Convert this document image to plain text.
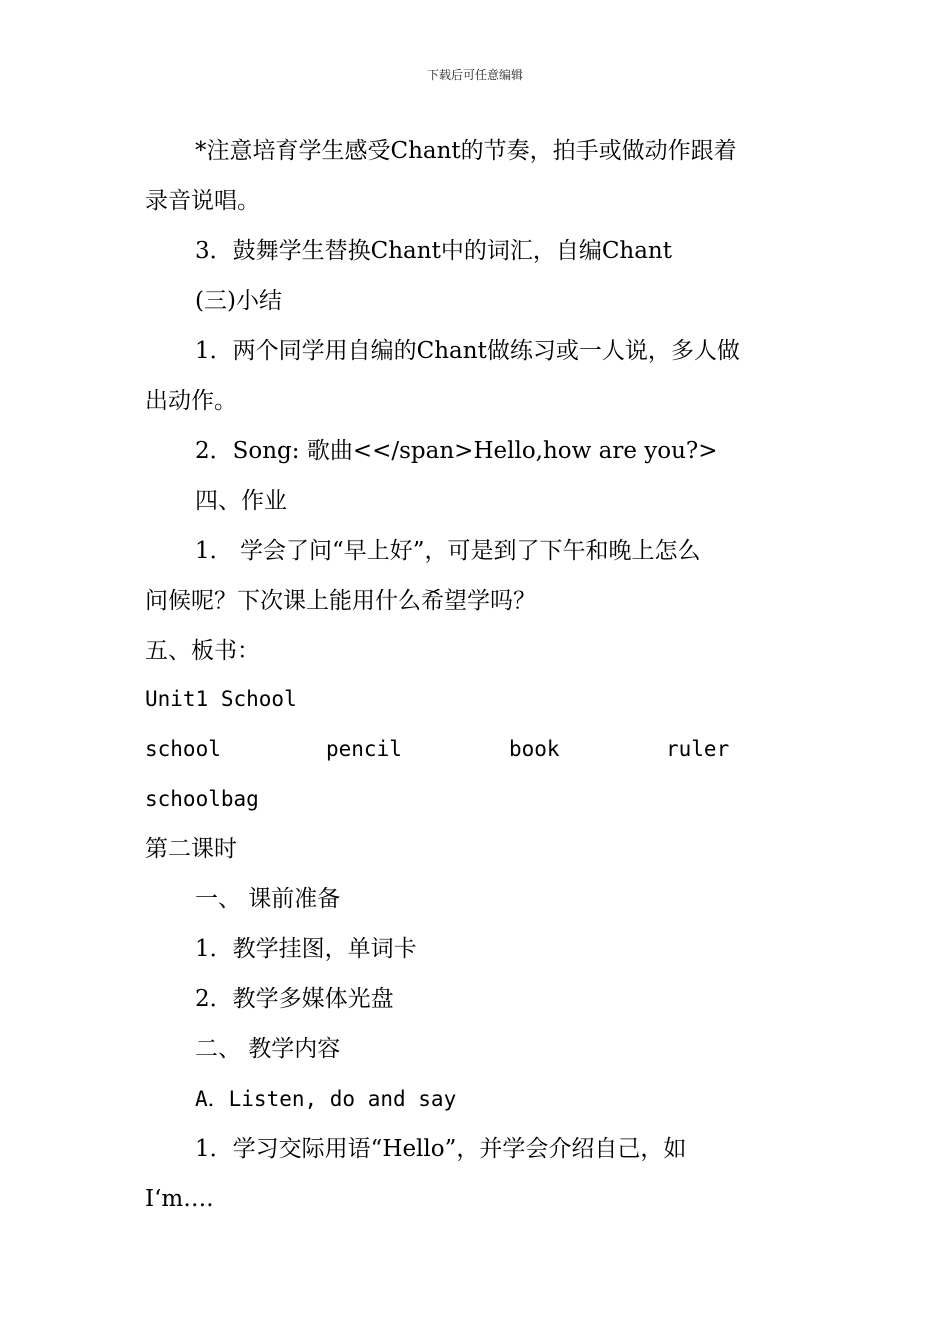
下载后可任意编辑
*注意培育学生感受Chant的节奏，拍手或做动作跟着
录音说唱。
3．鼓舞学生替换Chant中的词汇，自编Chant
(三)小结
1．两个同学用自编的Chant做练习或一人说，多人做
出动作。
2．Song: 歌曲<</span>Hello,how are you?>
四、作业
1． 学会了问“早上好”，可是到了下午和晚上怎么
问候呢？下次课上能用什么希望学吗？
五、板书：
Unit1 School
school	pencil	book	ruler
schoolbag
第二课时
一、 课前准备
1．教学挂图，单词卡
2．教学多媒体光盘
二、 教学内容
A．Listen, do and say
1．学习交际用语“Hello”，并学会介绍自己，如
I‘m….
